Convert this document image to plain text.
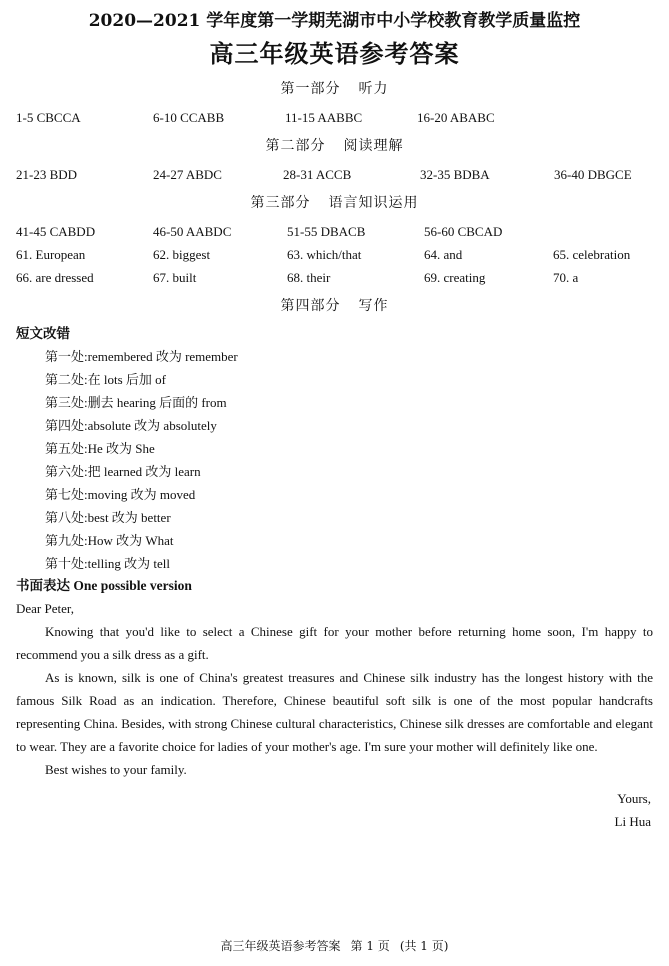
2020—2021 学年度第一学期芜湖市中小学校教育教学质量监控
高三年级英语参考答案
第一部分 听力
1-5 CBCCA	6-10 CCABB	11-15 AABBC	16-20 ABABC
第二部分 阅读理解
21-23 BDD	24-27 ABDC	28-31 ACCB	32-35 BDBA	36-40 DBGCE
第三部分 语言知识运用
41-45 CABDD	46-50 AABDC	51-55 DBACB	56-60 CBCAD
61. European	62. biggest	63. which/that	64. and	65. celebration
66. are dressed	67. built	68. their	69. creating	70. a
第四部分 写作
短文改错
第一处:remembered 改为 remember
第二处:在 lots 后加 of
第三处:删去 hearing 后面的 from
第四处:absolute 改为 absolutely
第五处:He 改为 She
第六处:把 learned 改为 learn
第七处:moving 改为 moved
第八处:best 改为 better
第九处:How 改为 What
第十处:telling 改为 tell
书面表达 One possible version

Dear Peter,

Knowing that you'd like to select a Chinese gift for your mother before returning home soon, I'm happy to recommend you a silk dress as a gift.

As is known, silk is one of China's greatest treasures and Chinese silk industry has the longest history with the famous Silk Road as an indication. Therefore, Chinese beautiful soft silk is one of the most popular handcrafts representing China. Besides, with strong Chinese cultural characteristics, Chinese silk dresses are comfortable and elegant to wear. They are a favorite choice for ladies of your mother's age. I'm sure your mother will definitely like one.

Best wishes to your family.

Yours,
Li Hua
高三年级英语参考答案 第 1 页 (共 1 页)
